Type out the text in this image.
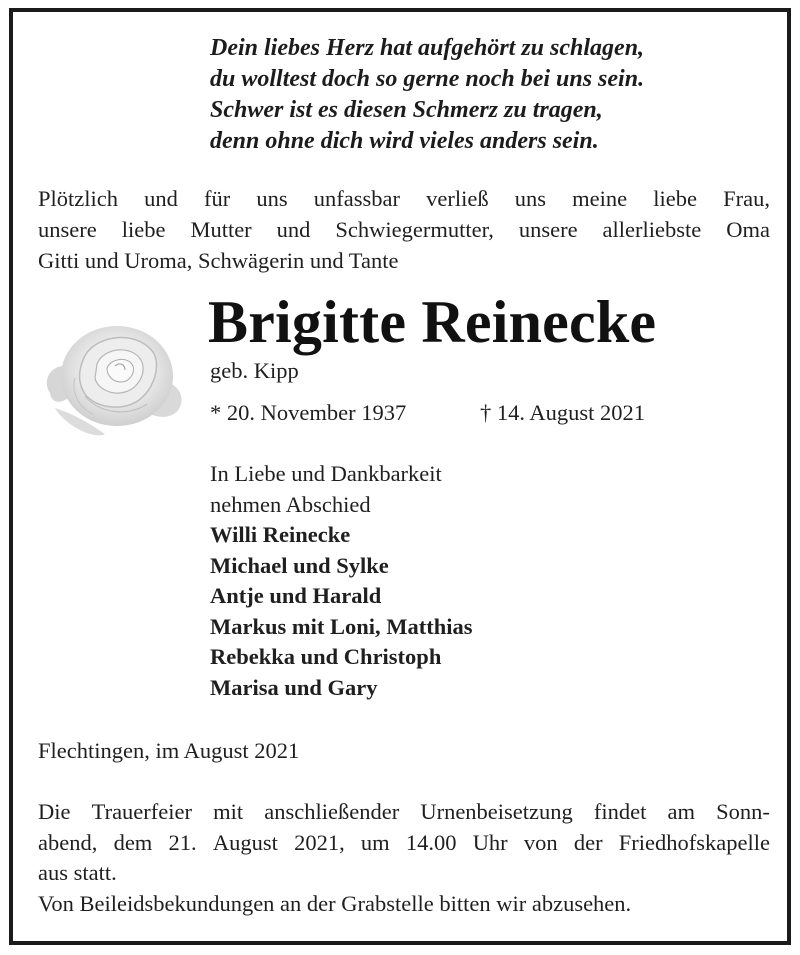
Dein liebes Herz hat aufgehört zu schlagen,
du wolltest doch so gerne noch bei uns sein.
Schwer ist es diesen Schmerz zu tragen,
denn ohne dich wird vieles anders sein.
Plötzlich und für uns unfassbar verließ uns meine liebe Frau,
unsere liebe Mutter und Schwiegermutter, unsere allerliebste Oma
Gitti und Uroma, Schwägerin und Tante
Brigitte Reinecke
geb. Kipp
* 20. November 1937	† 14. August 2021
In Liebe und Dankbarkeit
nehmen Abschied
Willi Reinecke
Michael und Sylke
Antje und Harald
Markus mit Loni, Matthias
Rebekka und Christoph
Marisa und Gary
Flechtingen, im August 2021
Die Trauerfeier mit anschließender Urnenbeisetzung findet am Sonn-
abend, dem 21. August 2021, um 14.00 Uhr von der Friedhofskapelle
aus statt.
Von Beileidsbekundungen an der Grabstelle bitten wir abzusehen.
